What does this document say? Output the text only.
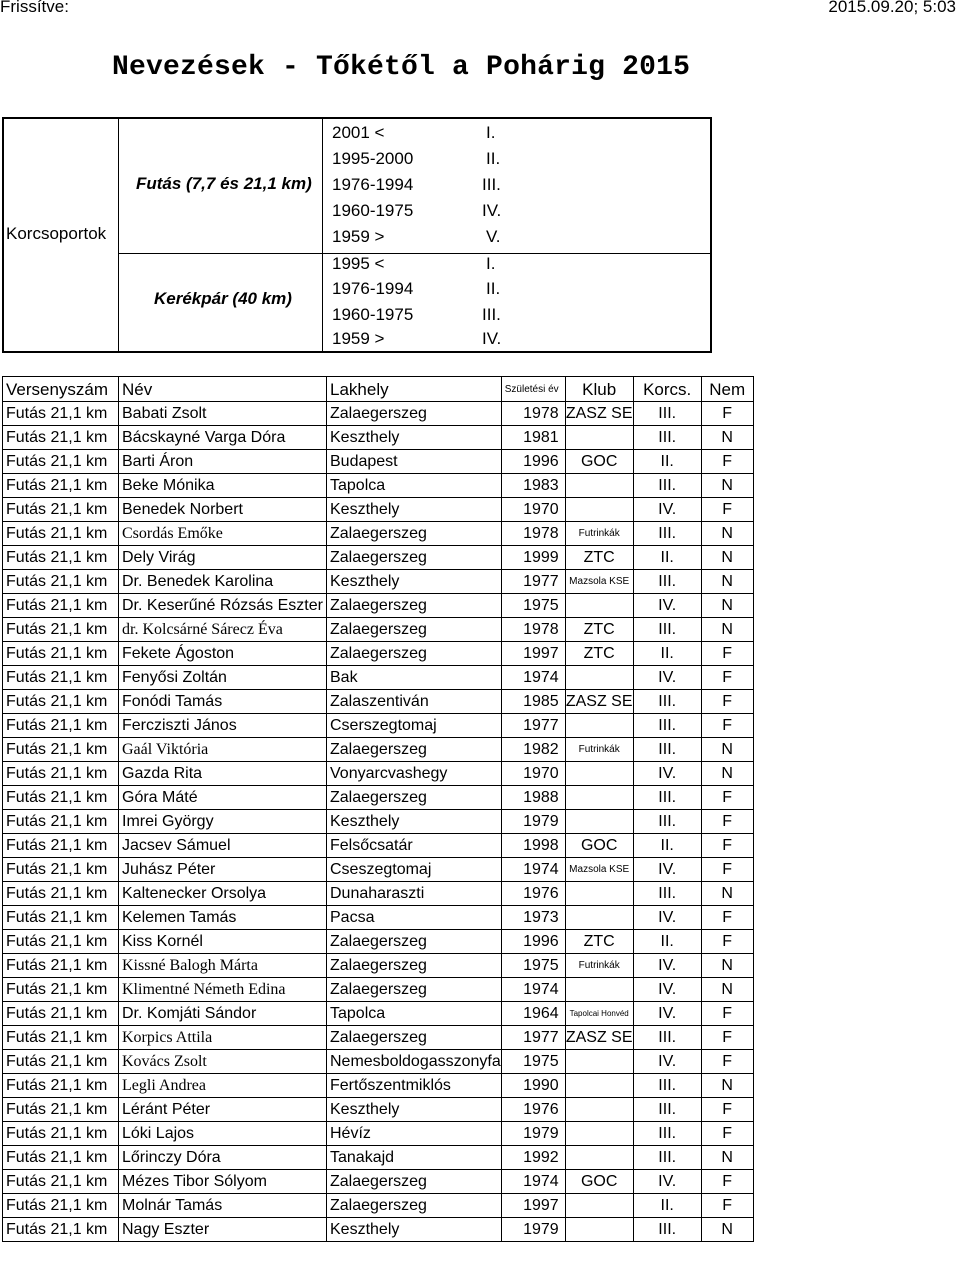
Frissítve:	2015.09.20; 5:03
Nevezések - Tőkétől a Pohárig 2015
Korcsoportok
Futás (7,7 és 21,1 km)
Kerékpár (40 km)
2001 <	I.
1995-2000	II.
1976-1994	III.
1960-1975	IV.
1959 >	V.
1995 <	I.
1976-1994	II.
1960-1975	III.
1959 >	IV.
Versenyszám	Név	Lakhely	Születési év	Klub	Korcs.	Nem
Futás 21,1 km	Babati Zsolt	Zalaegerszeg	1978	ZASZ SE	III.	F
Futás 21,1 km	Bácskayné Varga Dóra	Keszthely	1981		III.	N
Futás 21,1 km	Barti Áron	Budapest	1996	GOC	II.	F
Futás 21,1 km	Beke Mónika	Tapolca	1983		III.	N
Futás 21,1 km	Benedek Norbert	Keszthely	1970		IV.	F
Futás 21,1 km	Csordás Emőke	Zalaegerszeg	1978	Futrinkák	III.	N
Futás 21,1 km	Dely Virág	Zalaegerszeg	1999	ZTC	II.	N
Futás 21,1 km	Dr. Benedek Karolina	Keszthely	1977	Mazsola KSE	III.	N
Futás 21,1 km	Dr. Keserűné Rózsás Eszter	Zalaegerszeg	1975		IV.	N
Futás 21,1 km	dr. Kolcsárné Sárecz Éva	Zalaegerszeg	1978	ZTC	III.	N
Futás 21,1 km	Fekete Ágoston	Zalaegerszeg	1997	ZTC	II.	F
Futás 21,1 km	Fenyősi Zoltán	Bak	1974		IV.	F
Futás 21,1 km	Fonódi Tamás	Zalaszentiván	1985	ZASZ SE	III.	F
Futás 21,1 km	Fercziszti János	Cserszegtomaj	1977		III.	F
Futás 21,1 km	Gaál Viktória	Zalaegerszeg	1982	Futrinkák	III.	N
Futás 21,1 km	Gazda Rita	Vonyarcvashegy	1970		IV.	N
Futás 21,1 km	Góra Máté	Zalaegerszeg	1988		III.	F
Futás 21,1 km	Imrei György	Keszthely	1979		III.	F
Futás 21,1 km	Jacsev Sámuel	Felsőcsatár	1998	GOC	II.	F
Futás 21,1 km	Juhász Péter	Cseszegtomaj	1974	Mazsola KSE	IV.	F
Futás 21,1 km	Kaltenecker Orsolya	Dunaharaszti	1976		III.	N
Futás 21,1 km	Kelemen Tamás	Pacsa	1973		IV.	F
Futás 21,1 km	Kiss Kornél	Zalaegerszeg	1996	ZTC	II.	F
Futás 21,1 km	Kissné Balogh Márta	Zalaegerszeg	1975	Futrinkák	IV.	N
Futás 21,1 km	Klimentné Németh Edina	Zalaegerszeg	1974		IV.	N
Futás 21,1 km	Dr. Komjáti Sándor	Tapolca	1964	Tapolcai Honvéd	IV.	F
Futás 21,1 km	Korpics Attila	Zalaegerszeg	1977	ZASZ SE	III.	F
Futás 21,1 km	Kovács Zsolt	Nemesboldogasszonyfa	1975		IV.	F
Futás 21,1 km	Legli Andrea	Fertőszentmiklós	1990		III.	N
Futás 21,1 km	Léránt Péter	Keszthely	1976		III.	F
Futás 21,1 km	Lóki Lajos	Hévíz	1979		III.	F
Futás 21,1 km	Lőrinczy Dóra	Tanakajd	1992		III.	N
Futás 21,1 km	Mézes Tibor Sólyom	Zalaegerszeg	1974	GOC	IV.	F
Futás 21,1 km	Molnár Tamás	Zalaegerszeg	1997		II.	F
Futás 21,1 km	Nagy Eszter	Keszthely	1979		III.	N
